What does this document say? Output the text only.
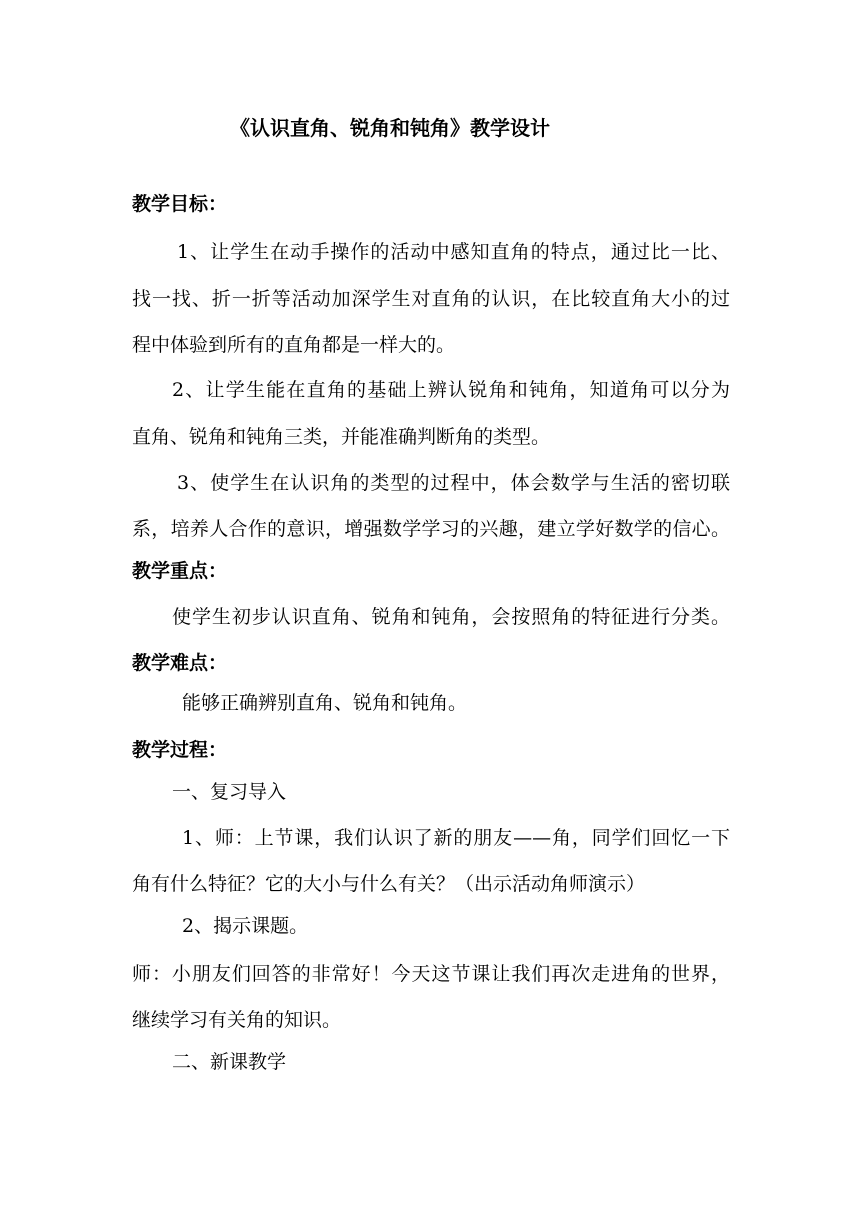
《认识直角、锐角和钝角》教学设计
教学目标：
1、让学生在动手操作的活动中感知直角的特点，通过比一比、
找一找、折一折等活动加深学生对直角的认识，在比较直角大小的过
程中体验到所有的直角都是一样大的。
2、让学生能在直角的基础上辨认锐角和钝角，知道角可以分为
直角、锐角和钝角三类，并能准确判断角的类型。
3、使学生在认识角的类型的过程中，体会数学与生活的密切联
系，培养人合作的意识，增强数学学习的兴趣，建立学好数学的信心。
教学重点：
使学生初步认识直角、锐角和钝角，会按照角的特征进行分类。
教学难点：
能够正确辨别直角、锐角和钝角。
教学过程：
一、复习导入
1、师：上节课，我们认识了新的朋友——角，同学们回忆一下
角有什么特征？它的大小与什么有关？（出示活动角师演示）
2、揭示课题。
师：小朋友们回答的非常好！今天这节课让我们再次走进角的世界，
继续学习有关角的知识。
二、新课教学
